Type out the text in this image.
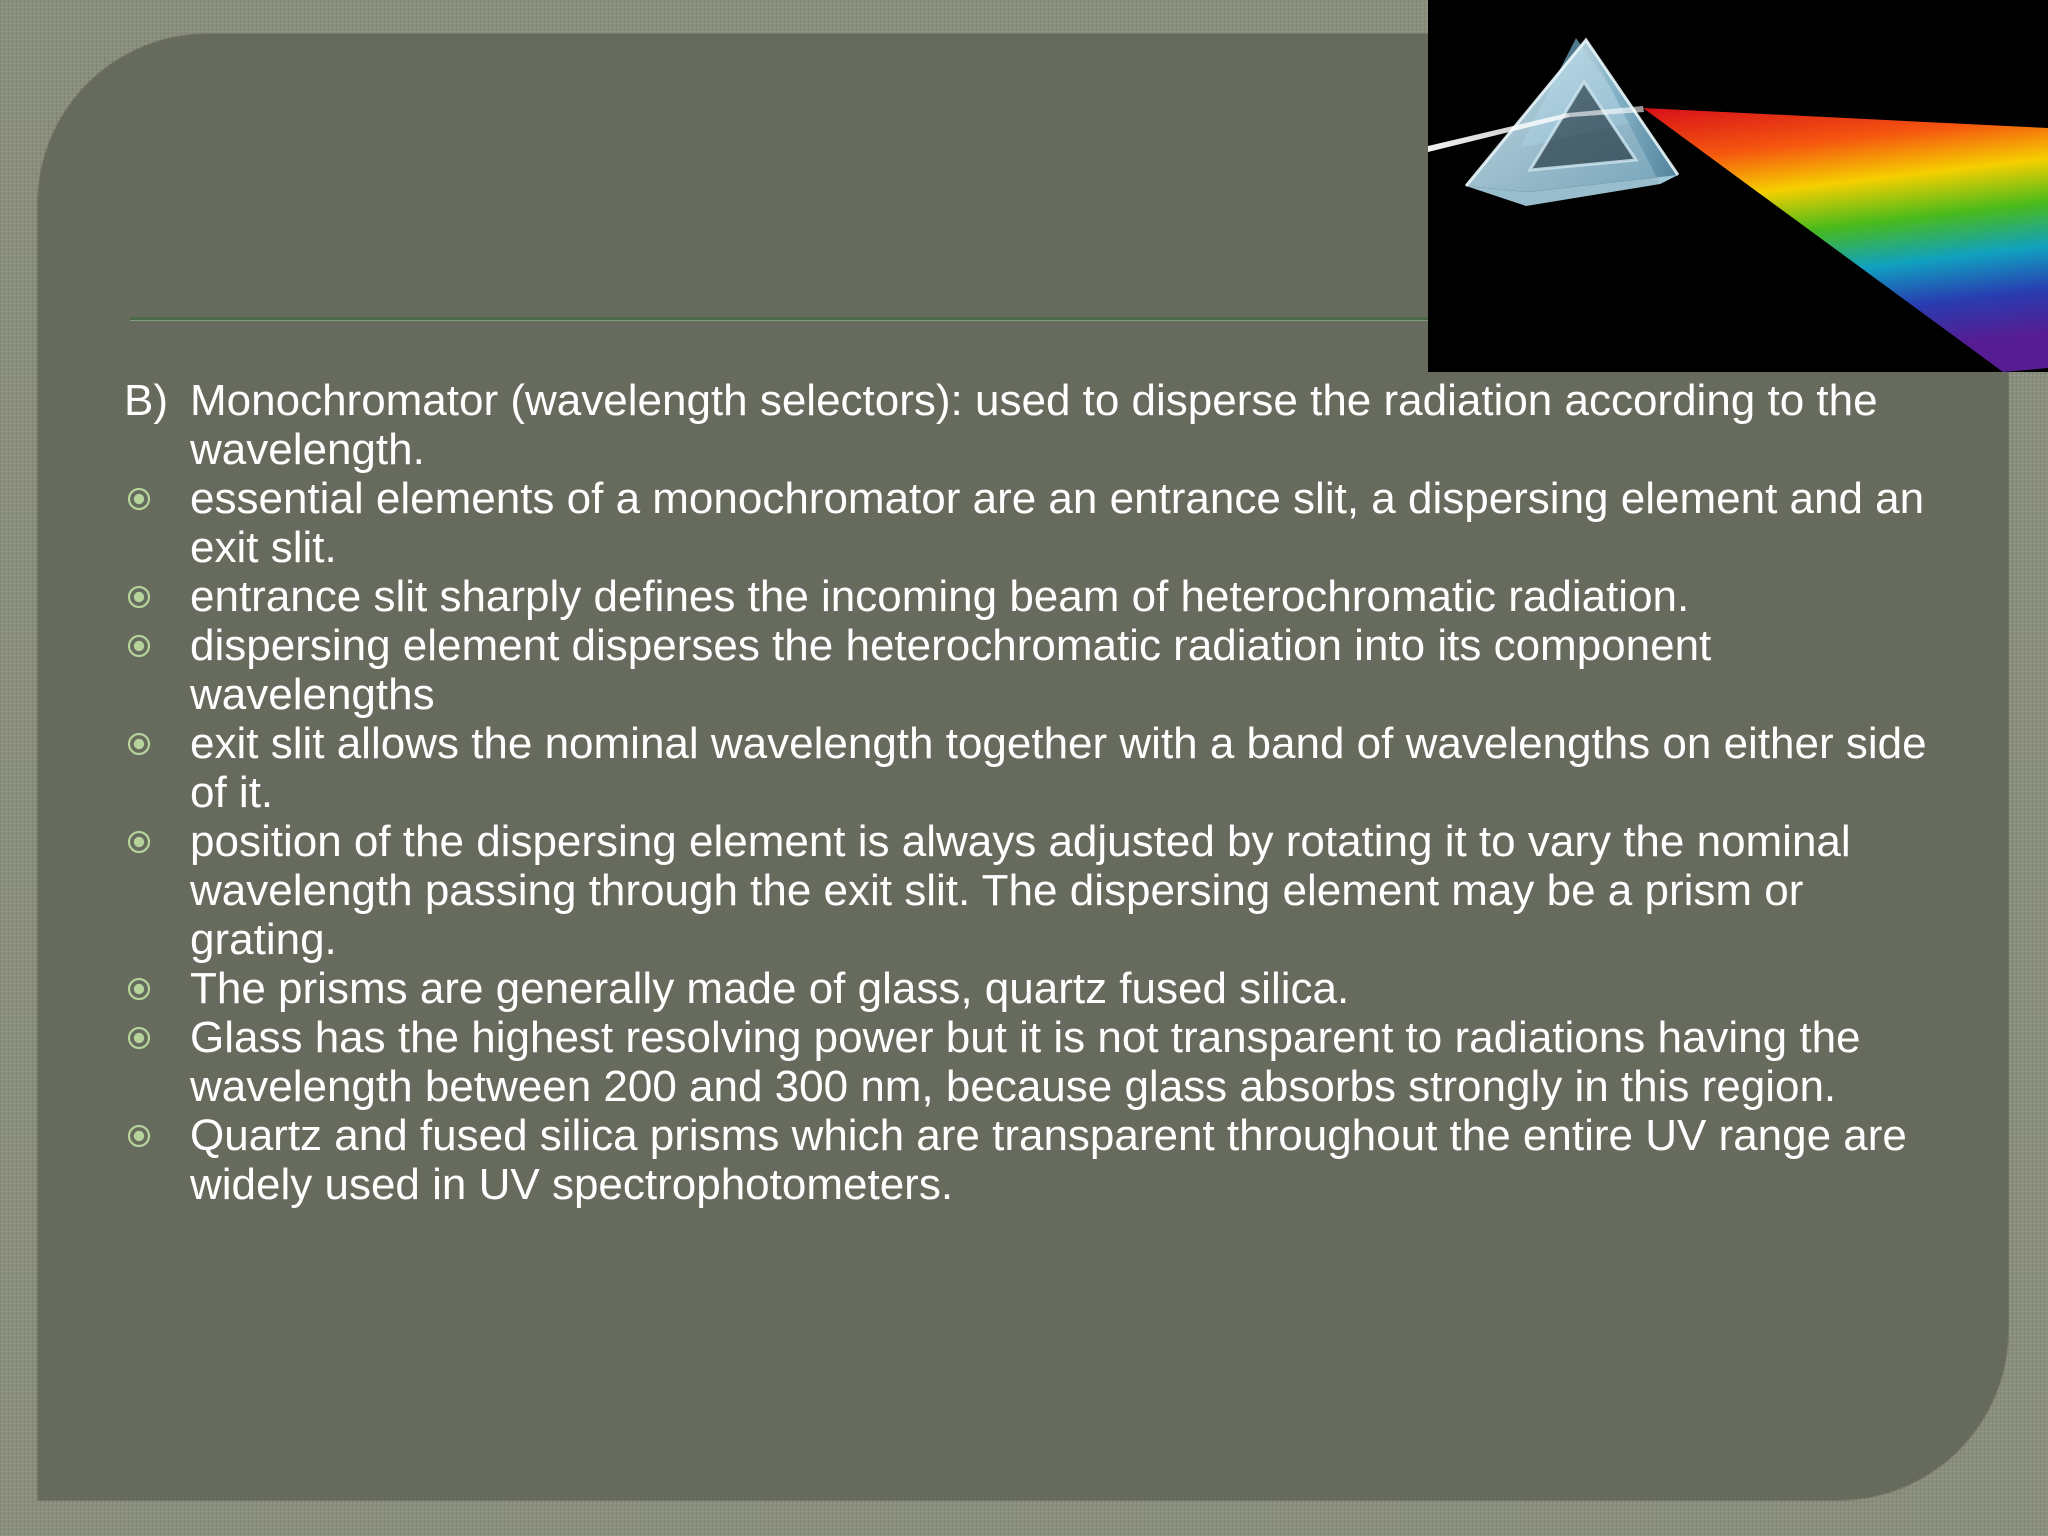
B) Monochromator (wavelength selectors): used to disperse the radiation according to the wavelength.
essential elements of a monochromator are an entrance slit, a dispersing element and an exit slit.
entrance slit sharply defines the incoming beam of heterochromatic radiation.
dispersing element disperses the heterochromatic radiation into its component wavelengths
exit slit allows the nominal wavelength together with a band of wavelengths on either side of it.
position of the dispersing element is always adjusted by rotating it to vary the nominal wavelength passing through the exit slit. The dispersing element may be a prism or grating.
The prisms are generally made of glass, quartz fused silica.
Glass has the highest resolving power but it is not transparent to radiations having the wavelength between 200 and 300 nm, because glass absorbs strongly in this region.
Quartz and fused silica prisms which are transparent throughout the entire UV range are widely used in UV spectrophotometers.
